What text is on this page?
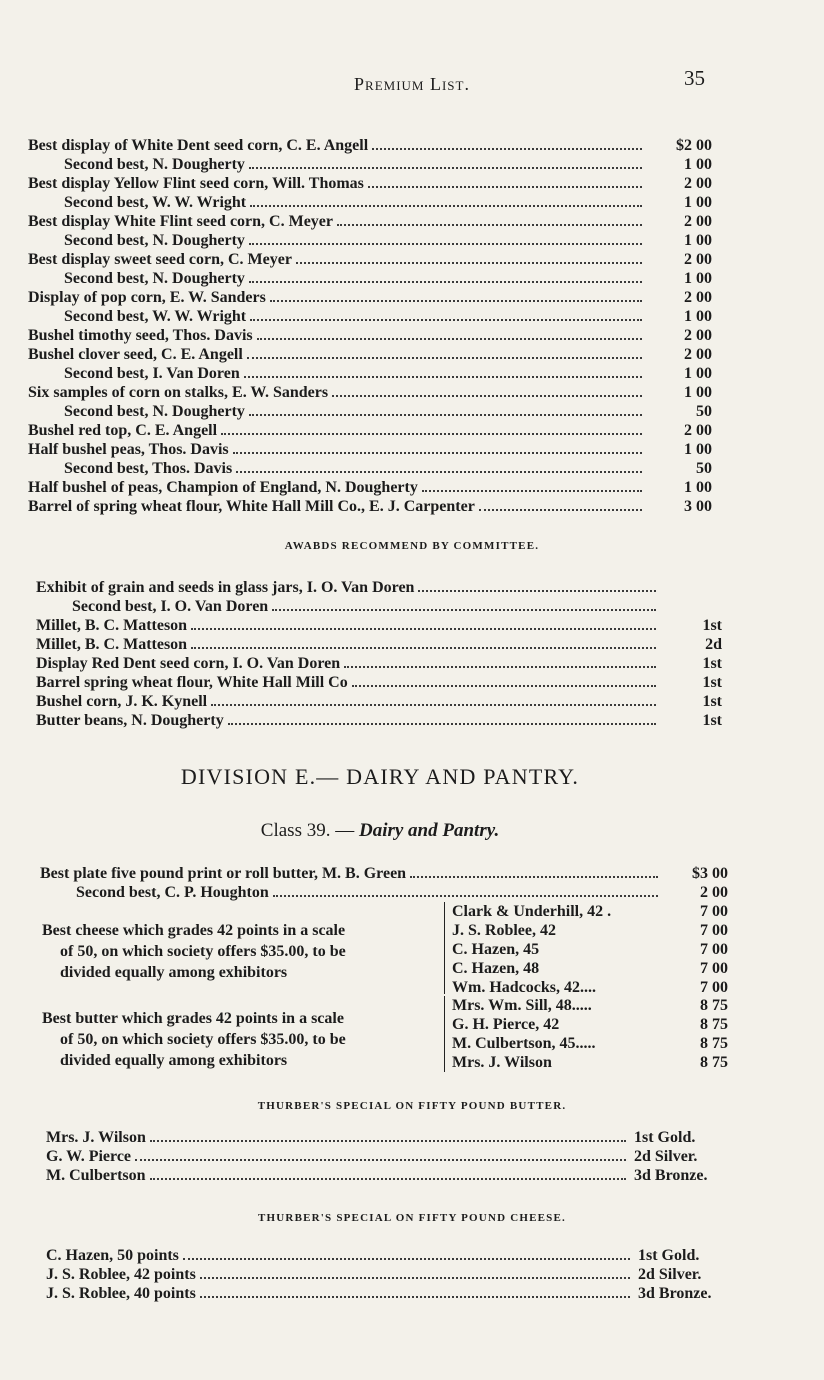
Premium List.	35
Best display of White Dent seed corn, C. E. Angell	$2 00
Second best, N. Dougherty	1 00
Best display Yellow Flint seed corn, Will. Thomas	2 00
Second best, W. W. Wright	1 00
Best display White Flint seed corn, C. Meyer	2 00
Second best, N. Dougherty	1 00
Best display sweet seed corn, C. Meyer	2 00
Second best, N. Dougherty	1 00
Display of pop corn, E. W. Sanders	2 00
Second best, W. W. Wright	1 00
Bushel timothy seed, Thos. Davis	2 00
Bushel clover seed, C. E. Angell	2 00
Second best, I. Van Doren	1 00
Six samples of corn on stalks, E. W. Sanders	1 00
Second best, N. Dougherty	50
Bushel red top, C. E. Angell	2 00
Half bushel peas, Thos. Davis	1 00
Second best, Thos. Davis	50
Half bushel of peas, Champion of England, N. Dougherty	1 00
Barrel of spring wheat flour, White Hall Mill Co., E. J. Carpenter	3 00
AWABDS RECOMMEND BY COMMITTEE.
Exhibit of grain and seeds in glass jars, I. O. Van Doren
Second best, I. O. Van Doren
Millet, B. C. Matteson	1st
Millet, B. C. Matteson	2d
Display Red Dent seed corn, I. O. Van Doren	1st
Barrel spring wheat flour, White Hall Mill Co	1st
Bushel corn, J. K. Kynell	1st
Butter beans, N. Dougherty	1st
DIVISION E.— DAIRY AND PANTRY.
Class 39. — Dairy and Pantry.
Best plate five pound print or roll butter, M. B. Green	$3 00
Second best, C. P. Houghton	2 00
Best cheese which grades 42 points in a scale
of 50, on which society offers $35.00, to be
divided equally among exhibitors
Clark & Underhill, 42 .	7 00
J. S. Roblee, 42	7 00
C. Hazen, 45	7 00
C. Hazen, 48	7 00
Wm. Hadcocks, 42....	7 00
Best butter which grades 42 points in a scale
of 50, on which society offers $35.00, to be
divided equally among exhibitors
Mrs. Wm. Sill, 48.....	8 75
G. H. Pierce, 42	8 75
M. Culbertson, 45.....	8 75
Mrs. J. Wilson	8 75
THURBER'S SPECIAL ON FIFTY POUND BUTTER.
Mrs. J. Wilson	1st Gold.
G. W. Pierce	2d Silver.
M. Culbertson	3d Bronze.
THURBER'S SPECIAL ON FIFTY POUND CHEESE.
C. Hazen, 50 points	1st Gold.
J. S. Roblee, 42 points	2d Silver.
J. S. Roblee, 40 points	3d Bronze.
